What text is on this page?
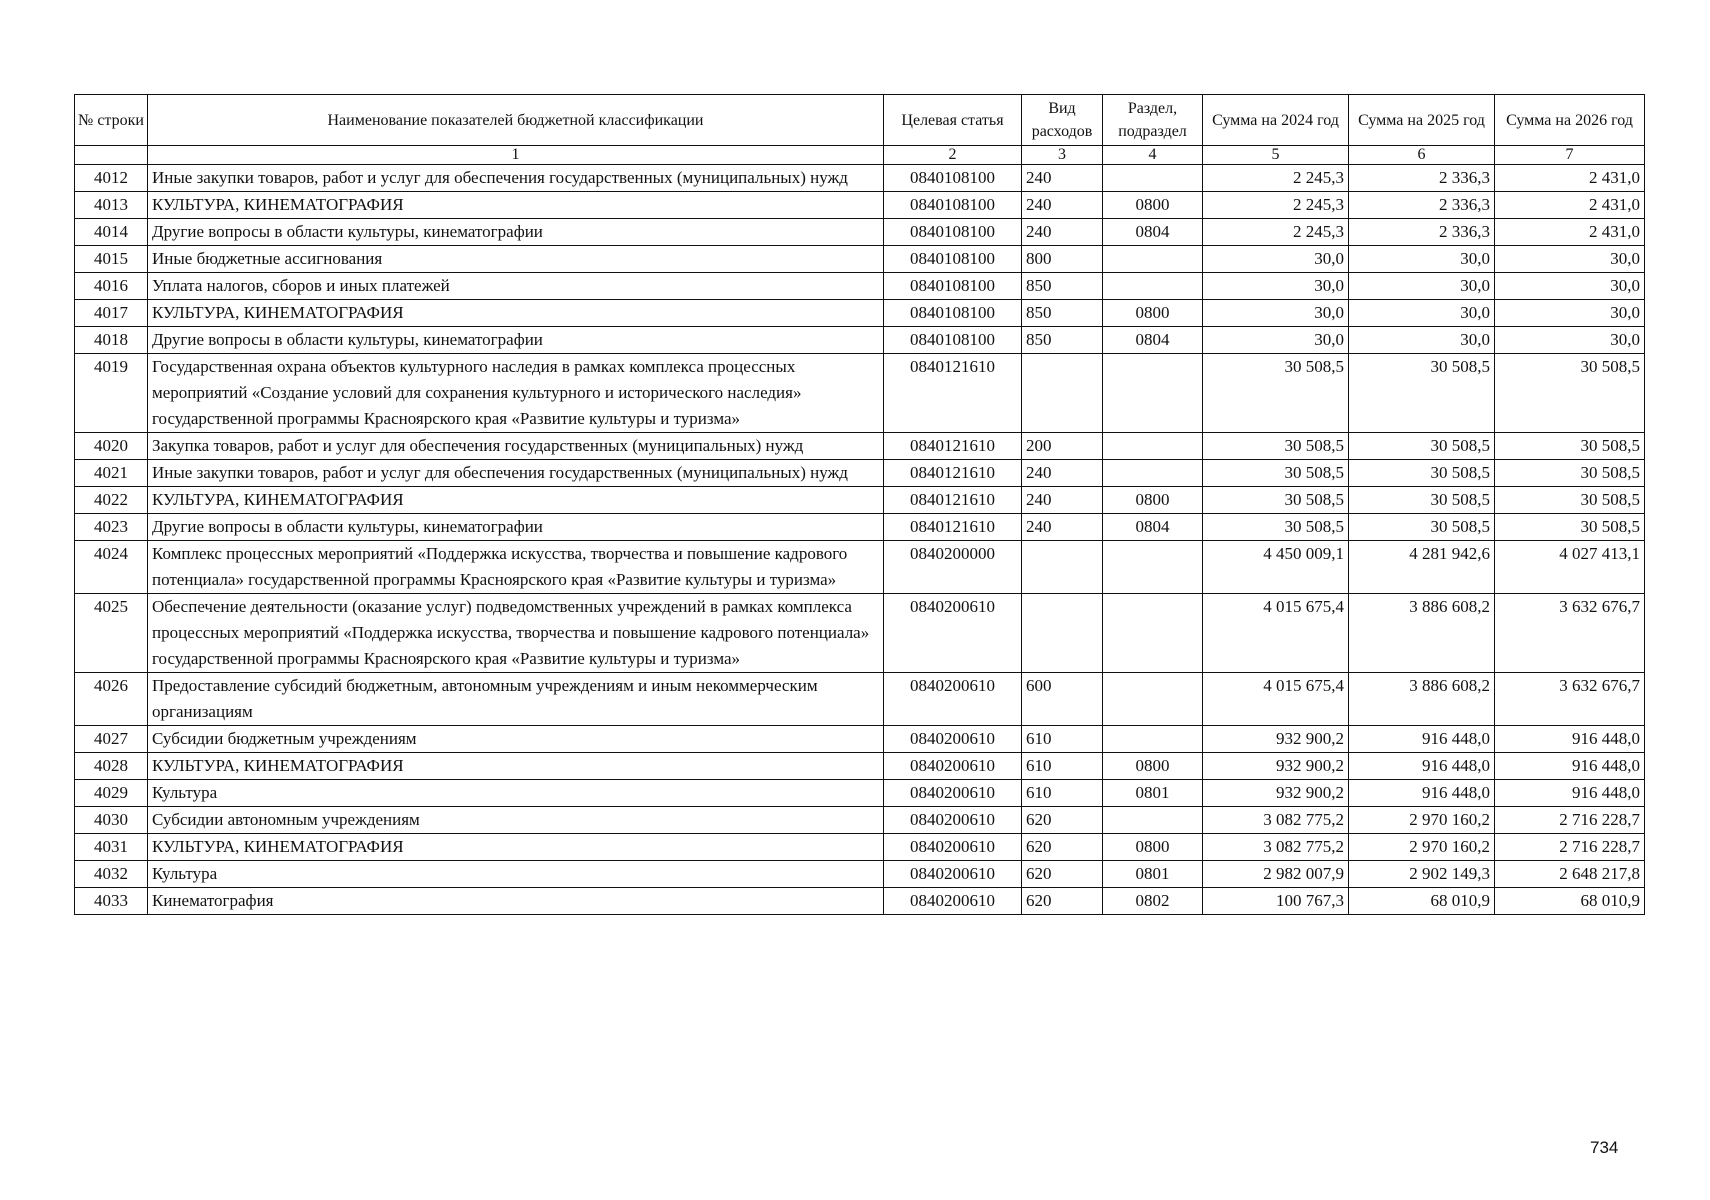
№ строки	Наименование показателей бюджетной классификации	Целевая статья	Вид расходов	Раздел, подраздел	Сумма на 2024 год	Сумма на 2025 год	Сумма на 2026 год
	1	2	3	4	5	6	7
4012	Иные закупки товаров, работ и услуг для обеспечения государственных (муниципальных) нужд	0840108100	240		2 245,3	2 336,3	2 431,0
4013	КУЛЬТУРА, КИНЕМАТОГРАФИЯ	0840108100	240	0800	2 245,3	2 336,3	2 431,0
4014	Другие вопросы в области культуры, кинематографии	0840108100	240	0804	2 245,3	2 336,3	2 431,0
4015	Иные бюджетные ассигнования	0840108100	800		30,0	30,0	30,0
4016	Уплата налогов, сборов и иных платежей	0840108100	850		30,0	30,0	30,0
4017	КУЛЬТУРА, КИНЕМАТОГРАФИЯ	0840108100	850	0800	30,0	30,0	30,0
4018	Другие вопросы в области культуры, кинематографии	0840108100	850	0804	30,0	30,0	30,0
4019	Государственная охрана объектов культурного наследия в рамках комплекса процессных мероприятий «Создание условий для сохранения культурного и исторического наследия» государственной программы Красноярского края «Развитие культуры и туризма»	0840121610			30 508,5	30 508,5	30 508,5
4020	Закупка товаров, работ и услуг для обеспечения государственных (муниципальных) нужд	0840121610	200		30 508,5	30 508,5	30 508,5
4021	Иные закупки товаров, работ и услуг для обеспечения государственных (муниципальных) нужд	0840121610	240		30 508,5	30 508,5	30 508,5
4022	КУЛЬТУРА, КИНЕМАТОГРАФИЯ	0840121610	240	0800	30 508,5	30 508,5	30 508,5
4023	Другие вопросы в области культуры, кинематографии	0840121610	240	0804	30 508,5	30 508,5	30 508,5
4024	Комплекс процессных мероприятий «Поддержка искусства, творчества и повышение кадрового потенциала» государственной программы Красноярского края «Развитие культуры и туризма»	0840200000			4 450 009,1	4 281 942,6	4 027 413,1
4025	Обеспечение деятельности (оказание услуг) подведомственных учреждений в рамках комплекса процессных мероприятий «Поддержка искусства, творчества и повышение кадрового потенциала» государственной программы Красноярского края «Развитие культуры и туризма»	0840200610			4 015 675,4	3 886 608,2	3 632 676,7
4026	Предоставление субсидий бюджетным, автономным учреждениям и иным некоммерческим организациям	0840200610	600		4 015 675,4	3 886 608,2	3 632 676,7
4027	Субсидии бюджетным учреждениям	0840200610	610		932 900,2	916 448,0	916 448,0
4028	КУЛЬТУРА, КИНЕМАТОГРАФИЯ	0840200610	610	0800	932 900,2	916 448,0	916 448,0
4029	Культура	0840200610	610	0801	932 900,2	916 448,0	916 448,0
4030	Субсидии автономным учреждениям	0840200610	620		3 082 775,2	2 970 160,2	2 716 228,7
4031	КУЛЬТУРА, КИНЕМАТОГРАФИЯ	0840200610	620	0800	3 082 775,2	2 970 160,2	2 716 228,7
4032	Культура	0840200610	620	0801	2 982 007,9	2 902 149,3	2 648 217,8
4033	Кинематография	0840200610	620	0802	100 767,3	68 010,9	68 010,9
734
